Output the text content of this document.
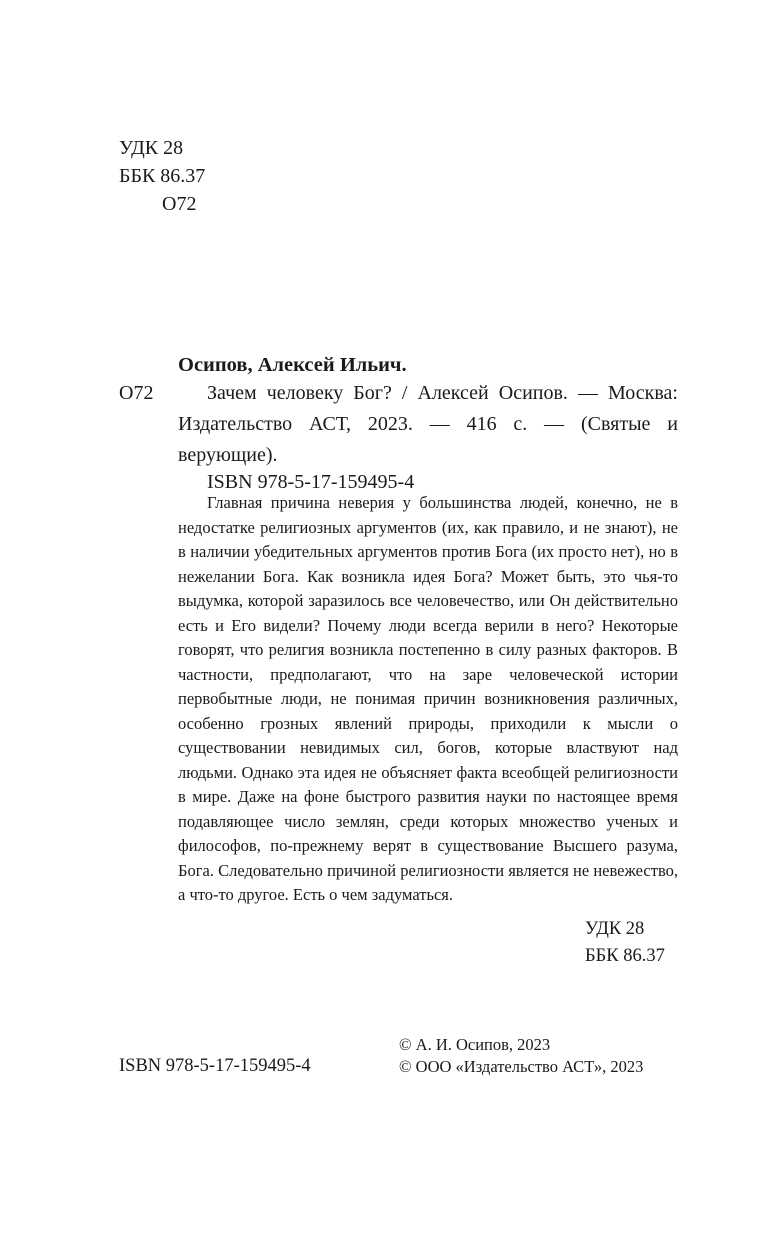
УДК 28
ББК 86.37
О72
Осипов, Алексей Ильич.
О72	Зачем человеку Бог? / Алексей Осипов. — Москва: Издательство АСТ, 2023. — 416 с. — (Святые и верующие).
ISBN 978-5-17-159495-4
Главная причина неверия у большинства людей, конечно, не в недостатке религиозных аргументов (их, как правило, и не знают), не в наличии убедительных аргументов против Бога (их просто нет), но в нежелании Бога. Как возникла идея Бога? Может быть, это чья-то выдумка, которой заразилось все человечество, или Он действительно есть и Его видели? Почему люди всегда верили в него? Некоторые говорят, что религия возникла постепенно в силу разных факторов. В частности, предполагают, что на заре человеческой истории первобытные люди, не понимая причин возникновения различных, особенно грозных явлений природы, приходили к мысли о существовании невидимых сил, богов, которые властвуют над людьми. Однако эта идея не объясняет факта всеобщей религиозности в мире. Даже на фоне быстрого развития науки по настоящее время подавляющее число землян, среди которых множество ученых и философов, по-прежнему верят в существование Высшего разума, Бога. Следовательно причиной религиозности является не невежество, а что-то другое. Есть о чем задуматься.
УДК 28
ББК 86.37
ISBN 978-5-17-159495-4
© А. И. Осипов, 2023
© ООО «Издательство АСТ», 2023
